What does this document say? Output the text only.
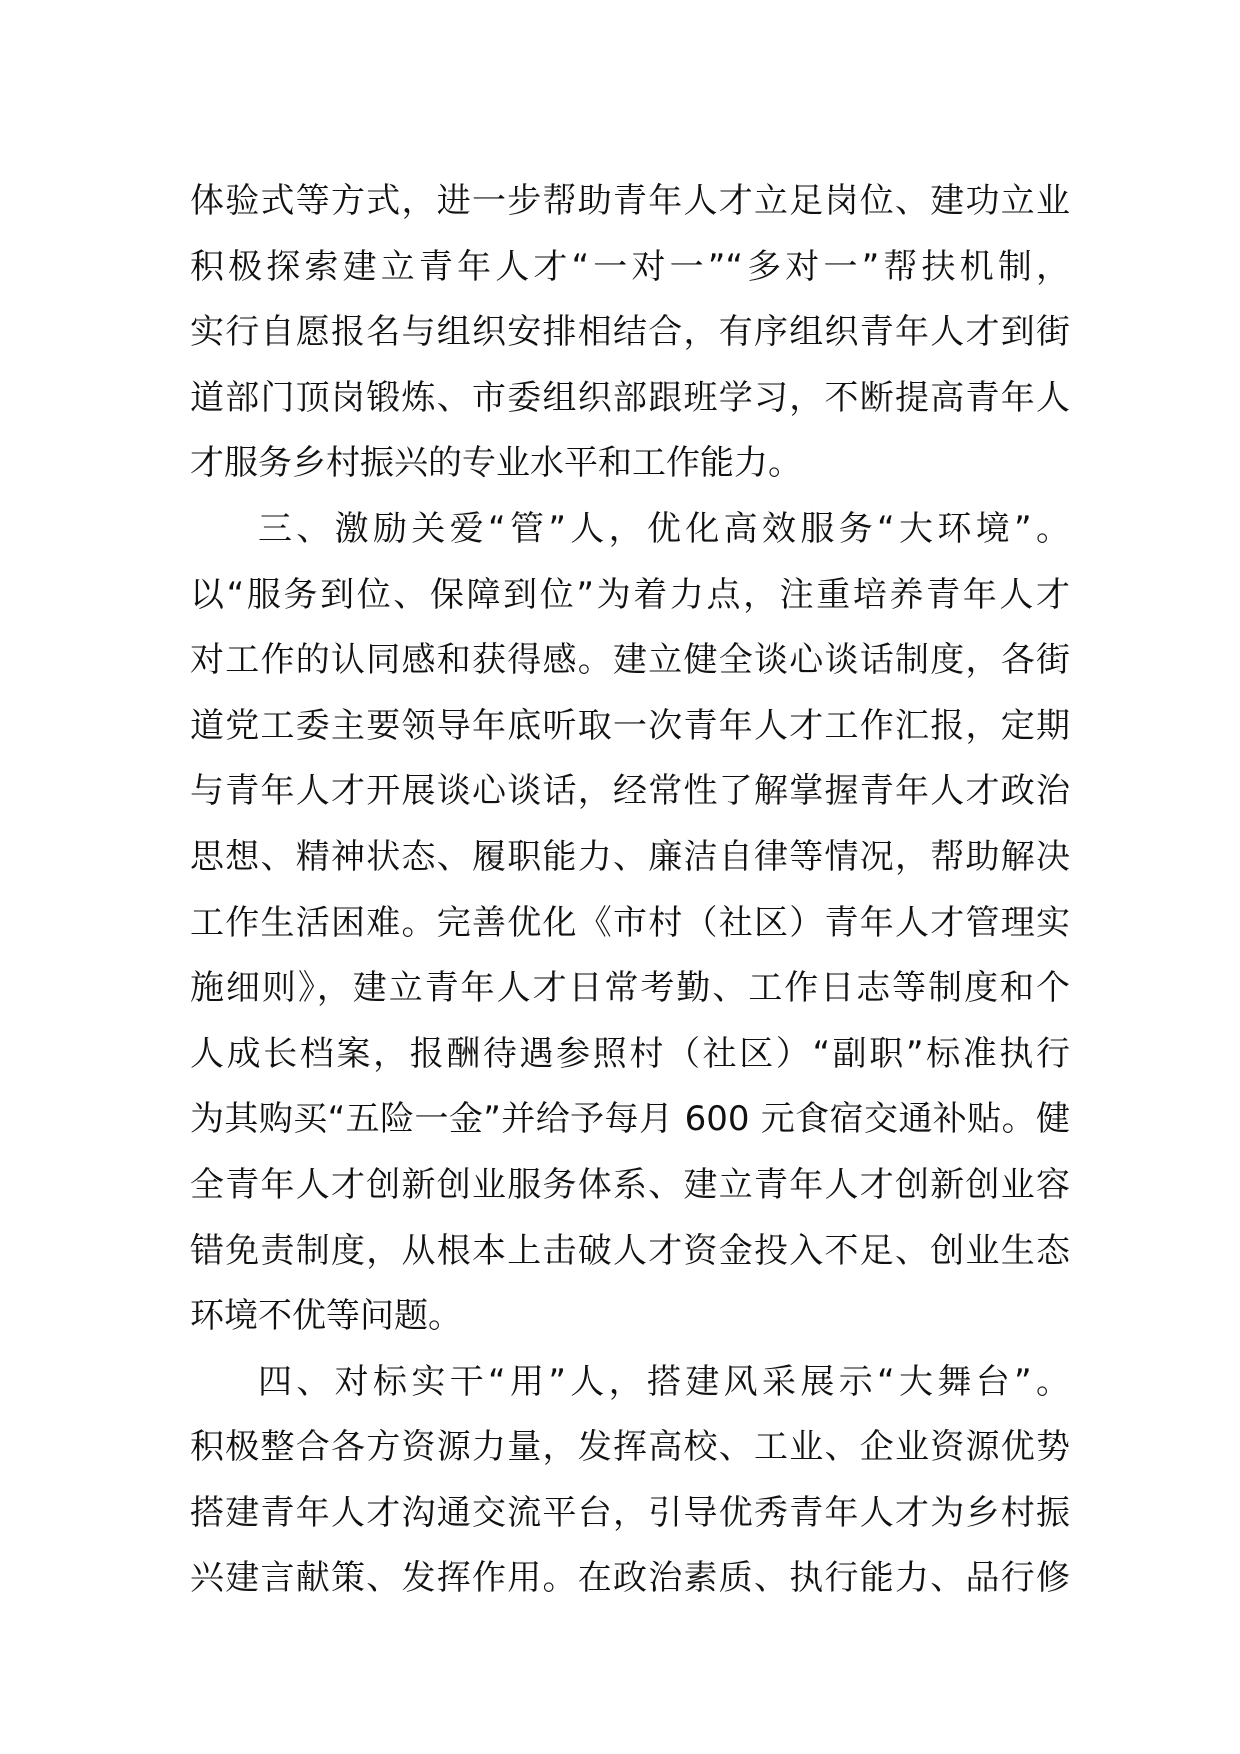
体验式等方式，进一步帮助青年人才立足岗位、建功立业
积极探索建立青年人才“一对一”“多对一”帮扶机制，
实行自愿报名与组织安排相结合，有序组织青年人才到街
道部门顶岗锻炼、市委组织部跟班学习，不断提高青年人
才服务乡村振兴的专业水平和工作能力。
三、激励关爱“管”人，优化高效服务“大环境”。
以“服务到位、保障到位”为着力点，注重培养青年人才
对工作的认同感和获得感。建立健全谈心谈话制度，各街
道党工委主要领导年底听取一次青年人才工作汇报，定期
与青年人才开展谈心谈话，经常性了解掌握青年人才政治
思想、精神状态、履职能力、廉洁自律等情况，帮助解决
工作生活困难。完善优化《市村（社区）青年人才管理实
施细则》，建立青年人才日常考勤、工作日志等制度和个
人成长档案，报酬待遇参照村（社区）“副职”标准执行
为其购买“五险一金”并给予每月 600 元食宿交通补贴。健
全青年人才创新创业服务体系、建立青年人才创新创业容
错免责制度，从根本上击破人才资金投入不足、创业生态
环境不优等问题。
四、对标实干“用”人，搭建风采展示“大舞台”。
积极整合各方资源力量，发挥高校、工业、企业资源优势
搭建青年人才沟通交流平台，引导优秀青年人才为乡村振
兴建言献策、发挥作用。在政治素质、执行能力、品行修
